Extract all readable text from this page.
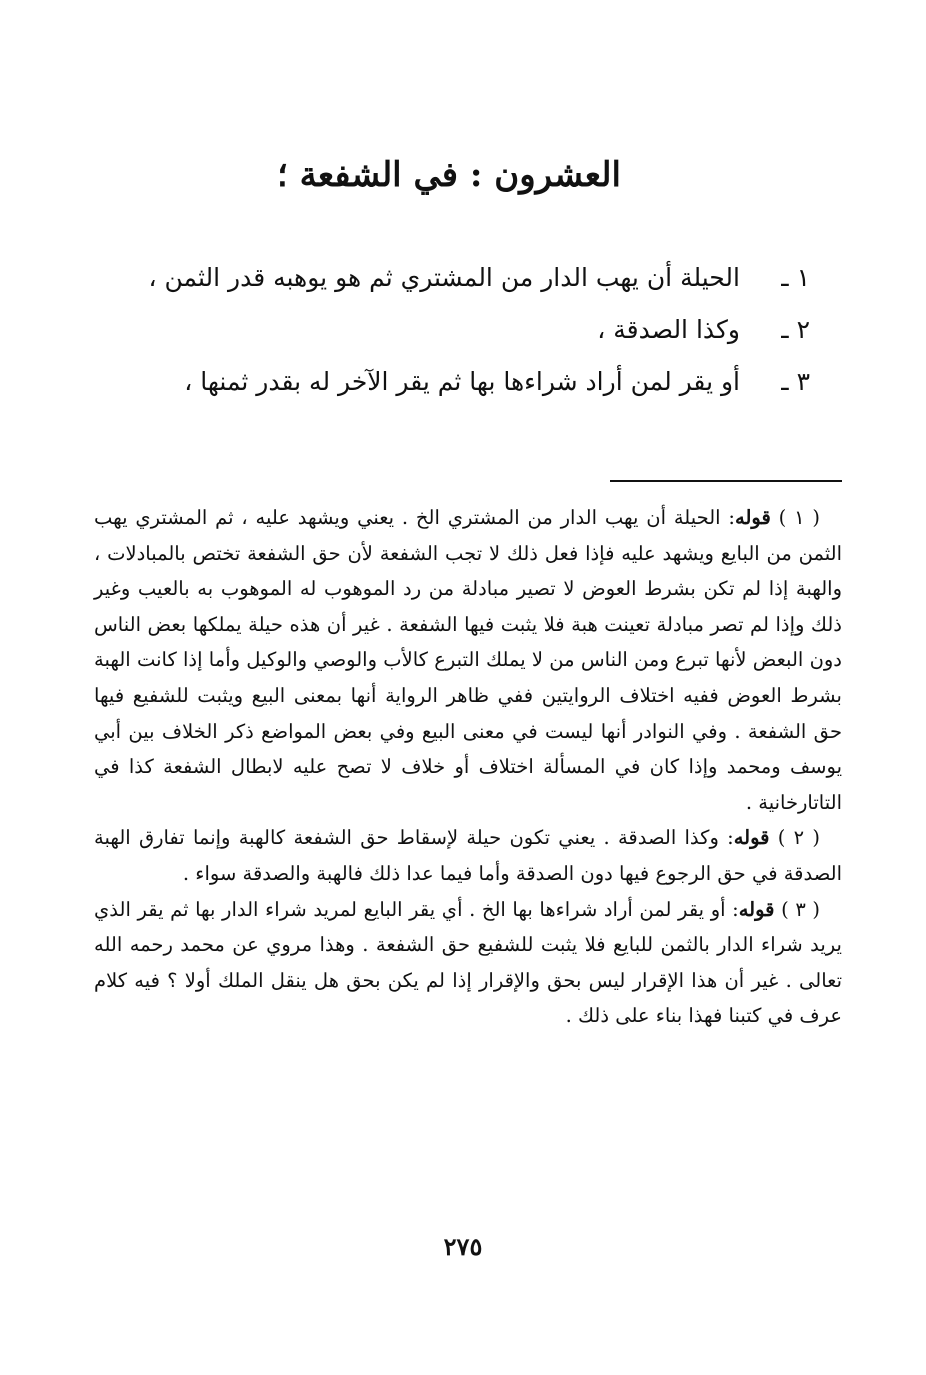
العشرون : في الشفعة ؛
١ ـالحيلة أن يهب الدار من المشتري ثم هو يوهبه قدر الثمن ،
٢ ـوكذا الصدقة ،
٣ ـأو يقر لمن أراد شراءها بها ثم يقر الآخر له بقدر ثمنها ،

( ١ ) قوله: الحيلة أن يهب الدار من المشتري الخ . يعني ويشهد عليه ، ثم المشتري يهب الثمن من البايع ويشهد عليه فإذا فعل ذلك لا تجب الشفعة لأن حق الشفعة تختص بالمبادلات ، والهبة إذا لم تكن بشرط العوض لا تصير مبادلة من رد الموهوب له الموهوب به بالعيب وغير ذلك وإذا لم تصر مبادلة تعينت هبة فلا يثبت فيها الشفعة . غير أن هذه حيلة يملكها بعض الناس دون البعض لأنها تبرع ومن الناس من لا يملك التبرع كالأب والوصي والوكيل وأما إذا كانت الهبة بشرط العوض ففيه اختلاف الروايتين ففي ظاهر الرواية أنها بمعنى البيع ويثبت للشفيع فيها حق الشفعة . وفي النوادر أنها ليست في معنى البيع وفي بعض المواضع ذكر الخلاف بين أبي يوسف ومحمد وإذا كان في المسألة اختلاف أو خلاف لا تصح عليه لابطال الشفعة كذا في التاتارخانية .

( ٢ ) قوله: وكذا الصدقة . يعني تكون حيلة لإسقاط حق الشفعة كالهبة وإنما تفارق الهبة الصدقة في حق الرجوع فيها دون الصدقة وأما فيما عدا ذلك فالهبة والصدقة سواء .

( ٣ ) قوله: أو يقر لمن أراد شراءها بها الخ . أي يقر البايع لمريد شراء الدار بها ثم يقر الذي يريد شراء الدار بالثمن للبايع فلا يثبت للشفيع حق الشفعة . وهذا مروي عن محمد رحمه الله تعالى . غير أن هذا الإقرار ليس بحق والإقرار إذا لم يكن بحق هل ينقل الملك أولا ؟ فيه كلام عرف في كتبنا فهذا بناء على ذلك .

٢٧٥
